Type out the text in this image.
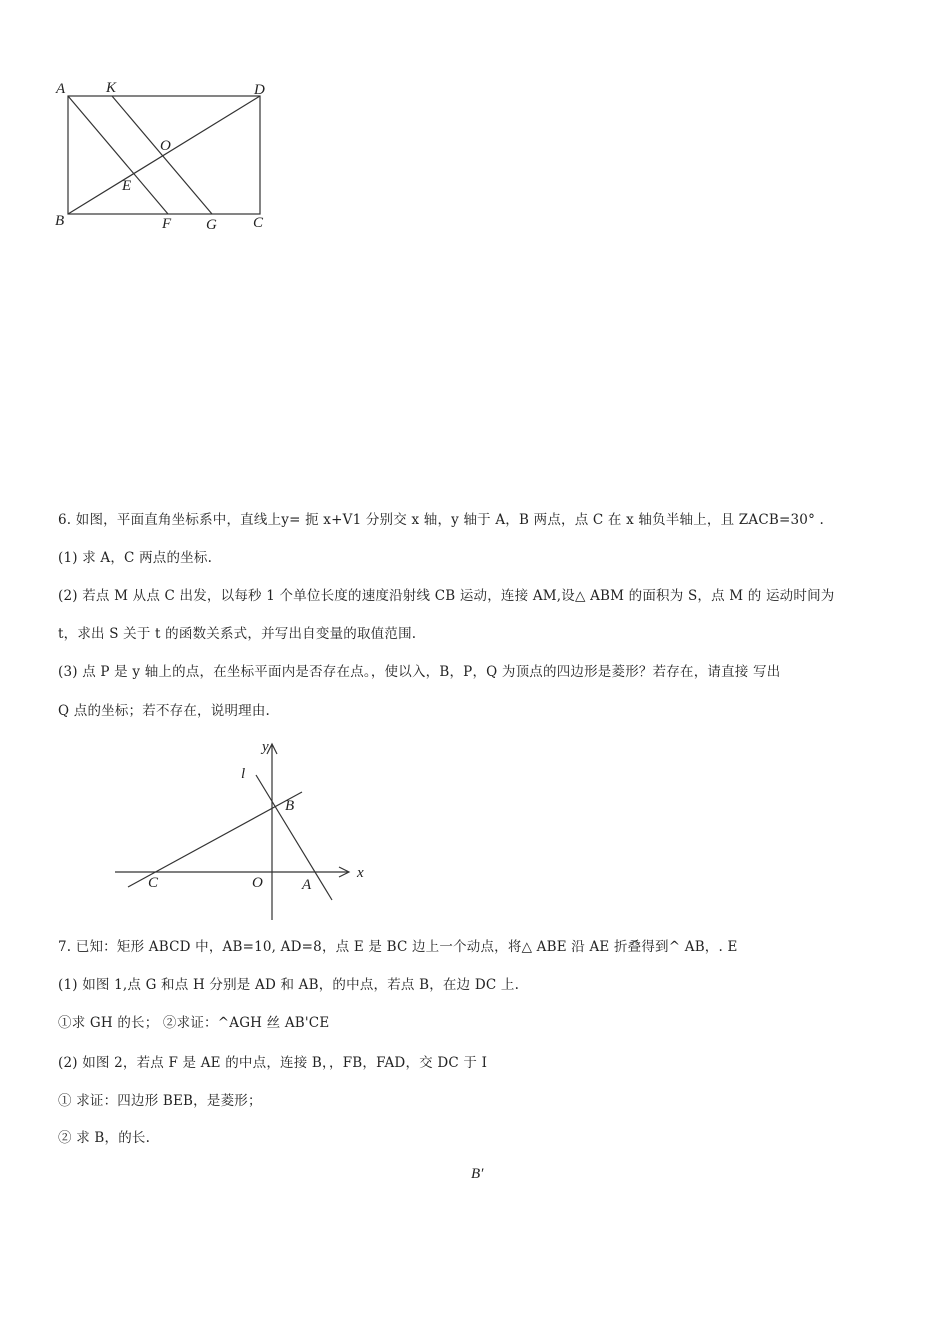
A	K	D
O
E
B	F G C
6. 如图，平面直角坐标系中，直线上y= 扼 x+V1 分别交 x 轴，y 轴于 A，B 两点，点 C 在 x 轴负半轴上，且 ZACB=30° .
(1) 求 A，C 两点的坐标.
(2) 若点 M 从点 C 出发，以每秒 1 个单位长度的速度沿射线 CB 运动，连接 AM,设△ ABM 的面积为 S，点 M 的 运动时间为
t，求出 S 关于 t 的函数关系式，并写出自变量的取值范围.
(3) 点 P 是 y 轴上的点，在坐标平面内是否存在点。，使以入，B，P，Q 为顶点的四边形是菱形？若存在，请直接 写出
Q 点的坐标；若不存在，说明理由.
y
l
B
C	O	A
x
7. 已知：矩形 ABCD 中，AB=10, AD=8，点 E 是 BC 边上一个动点，将△ ABE 沿 AE 折叠得到^ AB，. E
(1) 如图 1,点 G 和点 H 分别是 AD 和 AB，的中点，若点 B，在边 DC 上.
①求 GH 的长； ②求证：^AGH 丝 AB'CE
(2) 如图 2，若点 F 是 AE 的中点，连接 B，，FB，FAD，交 DC 于 I
① 求证：四边形 BEB，是菱形；
② 求 B，的长.
B′
